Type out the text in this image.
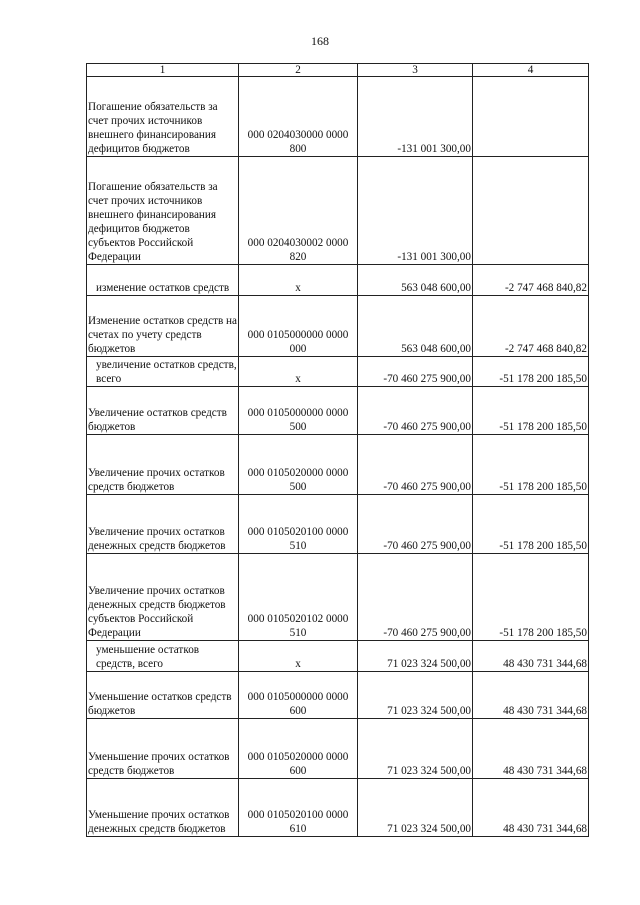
168
1	2	3	4
Погашение обязательств за счет прочих источников внешнего финансирования дефицитов бюджетов	000 0204030000 0000 800	-131 001 300,00	
Погашение обязательств за счет прочих источников внешнего финансирования дефицитов бюджетов субъектов Российской Федерации	000 0204030002 0000 820	-131 001 300,00	
изменение остатков средств	х	563 048 600,00	-2 747 468 840,82
Изменение остатков средств на счетах по учету средств бюджетов	000 0105000000 0000 000	563 048 600,00	-2 747 468 840,82
увеличение остатков средств, всего	х	-70 460 275 900,00	-51 178 200 185,50
Увеличение остатков средств бюджетов	000 0105000000 0000 500	-70 460 275 900,00	-51 178 200 185,50
Увеличение прочих остатков средств бюджетов	000 0105020000 0000 500	-70 460 275 900,00	-51 178 200 185,50
Увеличение прочих остатков денежных средств бюджетов	000 0105020100 0000 510	-70 460 275 900,00	-51 178 200 185,50
Увеличение прочих остатков денежных средств бюджетов субъектов Российской Федерации	000 0105020102 0000 510	-70 460 275 900,00	-51 178 200 185,50
уменьшение остатков средств, всего	х	71 023 324 500,00	48 430 731 344,68
Уменьшение остатков средств бюджетов	000 0105000000 0000 600	71 023 324 500,00	48 430 731 344,68
Уменьшение прочих остатков средств бюджетов	000 0105020000 0000 600	71 023 324 500,00	48 430 731 344,68
Уменьшение прочих остатков денежных средств бюджетов	000 0105020100 0000 610	71 023 324 500,00	48 430 731 344,68
